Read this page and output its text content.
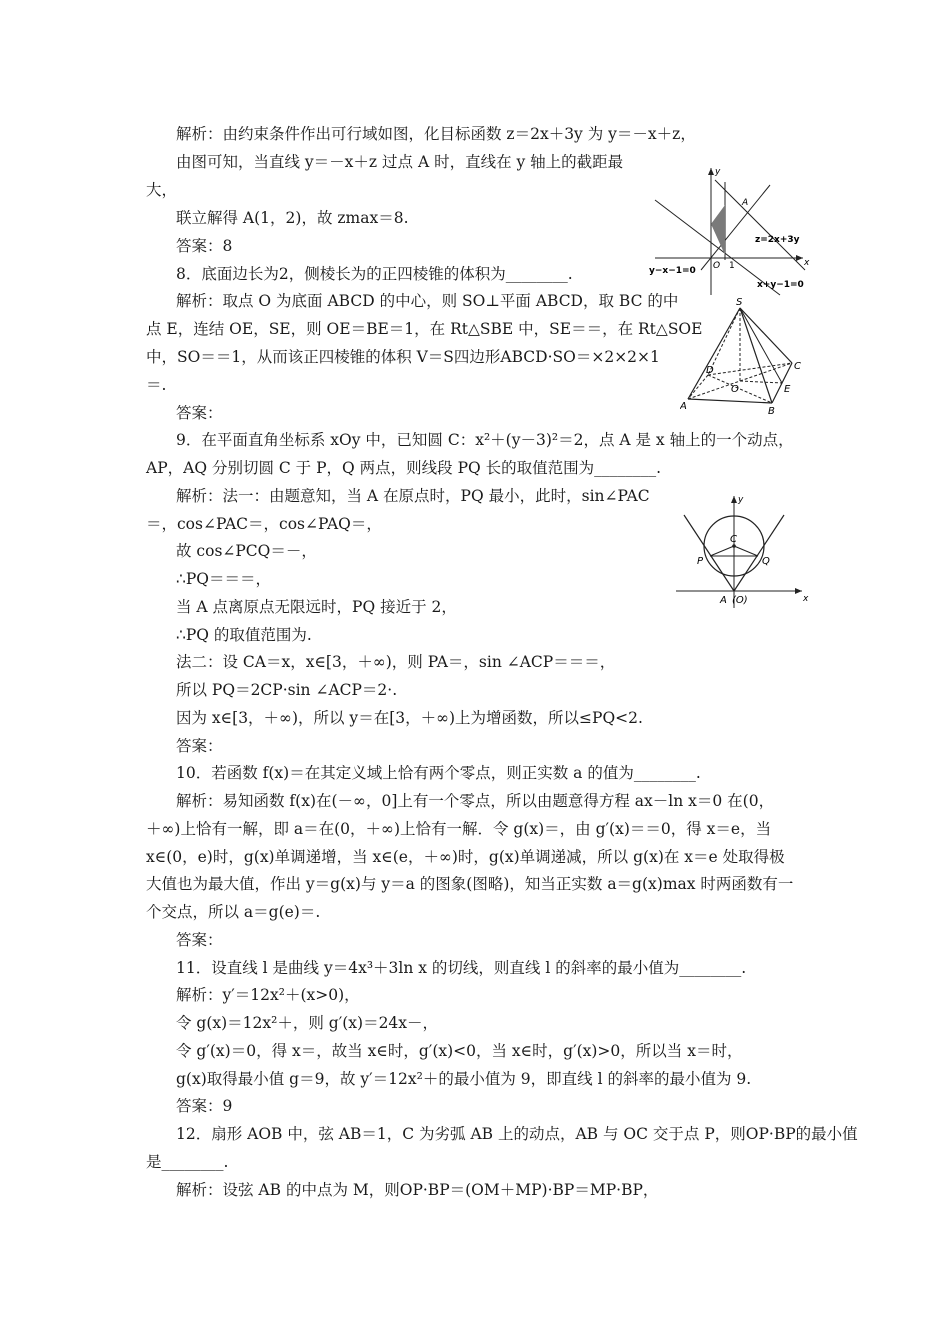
解析：由约束条件作出可行域如图，化目标函数 z＝2x＋3y 为 y＝－x＋z，
由图可知，当直线 y＝－x＋z 过点 A 时，直线在 y 轴上的截距最
大，
联立解得 A(1，2)，故 zmax＝8.
答案：8
8．底面边长为2，侧棱长为的正四棱锥的体积为________.
解析：取点 O 为底面 ABCD 的中心，则 SO⊥平面 ABCD，取 BC 的中
点 E，连结 OE，SE，则 OE＝BE＝1，在 Rt△SBE 中，SE＝＝，在 Rt△SOE
中，SO＝＝1，从而该正四棱锥的体积 V＝S四边形ABCD·SO＝×2×2×1
＝.
答案：
9．在平面直角坐标系 xOy 中，已知圆 C：x²＋(y－3)²＝2，点 A 是 x 轴上的一个动点，
AP，AQ 分别切圆 C 于 P，Q 两点，则线段 PQ 长的取值范围为________.
解析：法一：由题意知，当 A 在原点时，PQ 最小，此时，sin∠PAC
＝，cos∠PAC＝，cos∠PAQ＝，
故 cos∠PCQ＝－，
∴PQ＝＝＝，
当 A 点离原点无限远时，PQ 接近于 2，
∴PQ 的取值范围为.
法二：设 CA＝x，x∈[3，＋∞)，则 PA＝，sin ∠ACP＝＝＝，
所以 PQ＝2CP·sin ∠ACP＝2·.
因为 x∈[3，＋∞)，所以 y＝在[3，＋∞)上为增函数，所以≤PQ<2.
答案：
10．若函数 f(x)＝在其定义域上恰有两个零点，则正实数 a 的值为________.
解析：易知函数 f(x)在(－∞，0]上有一个零点，所以由题意得方程 ax－ln x＝0 在(0，
＋∞)上恰有一解，即 a＝在(0，＋∞)上恰有一解．令 g(x)＝，由 g′(x)＝＝0，得 x＝e，当
x∈(0，e)时，g(x)单调递增，当 x∈(e，＋∞)时，g(x)单调递减，所以 g(x)在 x＝e 处取得极
大值也为最大值，作出 y＝g(x)与 y＝a 的图象(图略)，知当正实数 a＝g(x)max 时两函数有一
个交点，所以 a＝g(e)＝.
答案：
11．设直线 l 是曲线 y＝4x³＋3ln x 的切线，则直线 l 的斜率的最小值为________.
解析：y′＝12x²＋(x>0)，
令 g(x)＝12x²＋，则 g′(x)＝24x－，
令 g′(x)＝0，得 x＝，故当 x∈时，g′(x)<0，当 x∈时，g′(x)>0，所以当 x＝时，
g(x)取得最小值 g＝9，故 y′＝12x²＋的最小值为 9，即直线 l 的斜率的最小值为 9.
答案：9
12．扇形 AOB 中，弦 AB＝1，C 为劣弧 AB 上的动点，AB 与 OC 交于点 P，则OP·BP的最小值
是________.
解析：设弦 AB 的中点为 M，则OP·BP＝(OM＋MP)·BP＝MP·BP，
x
y
O 1
A
z=2x+3y
y−x−1=0
x+y−1=0
S
A	B
C
D
E
O
x
y
P	Q
C
A (O)
